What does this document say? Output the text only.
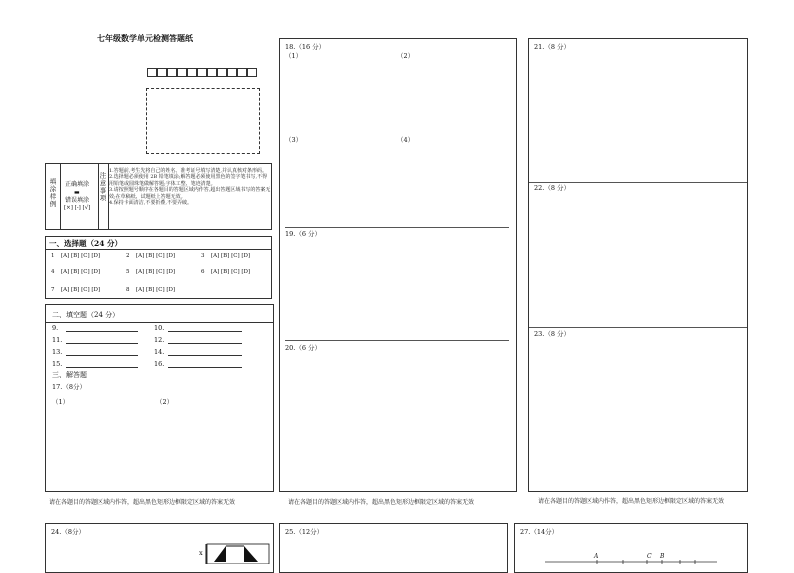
七年级数学单元检测答题纸
填涂样例 正确填涂
▬
错误填涂
[×] [-] [√]
注意事项
1.答题前,考生先将自己的姓名、准考证号填写清楚,并认真核对条形码。
2.选择题必须使用 2B 铅笔填涂;解答题必须使用黑色的签字笔书写,不得用铅笔或圆珠笔做解答题;字体工整、笔迹清楚。
3.请按照题号顺序在各题目的答题区域内作答,超出答题区域书写的答案无效;在草稿纸、试题纸上答题无效。
4.保持卡面清洁,不要折叠,不要弄破。
一、选择题（24 分）
1 [A] [B] [C] [D]	2 [A] [B] [C] [D]	3 [A] [B] [C] [D]
4 [A] [B] [C] [D]	5 [A] [B] [C] [D]	6 [A] [B] [C] [D]
7 [A] [B] [C] [D]	8 [A] [B] [C] [D]
二、填空题（24 分）
9.	10.
11.	12.
13.	14.
15.	16.
三、解答题
17.（8分）
（1）	（2）
请在各题目的答题区域内作答，超出黑色矩形边框限定区域的答案无效
18.（16 分）
（1）	（2）
（3）	（4）
19.（6 分）
20.（6 分）
请在各题目的答题区域内作答，超出黑色矩形边框限定区域的答案无效
21.（8 分）
22.（8 分）
23.（8 分）
请在各题目的答题区域内作答，超出黑色矩形边框限定区域的答案无效
24.（8分）
x
25.（12分）	27.（14分）
A	C B
